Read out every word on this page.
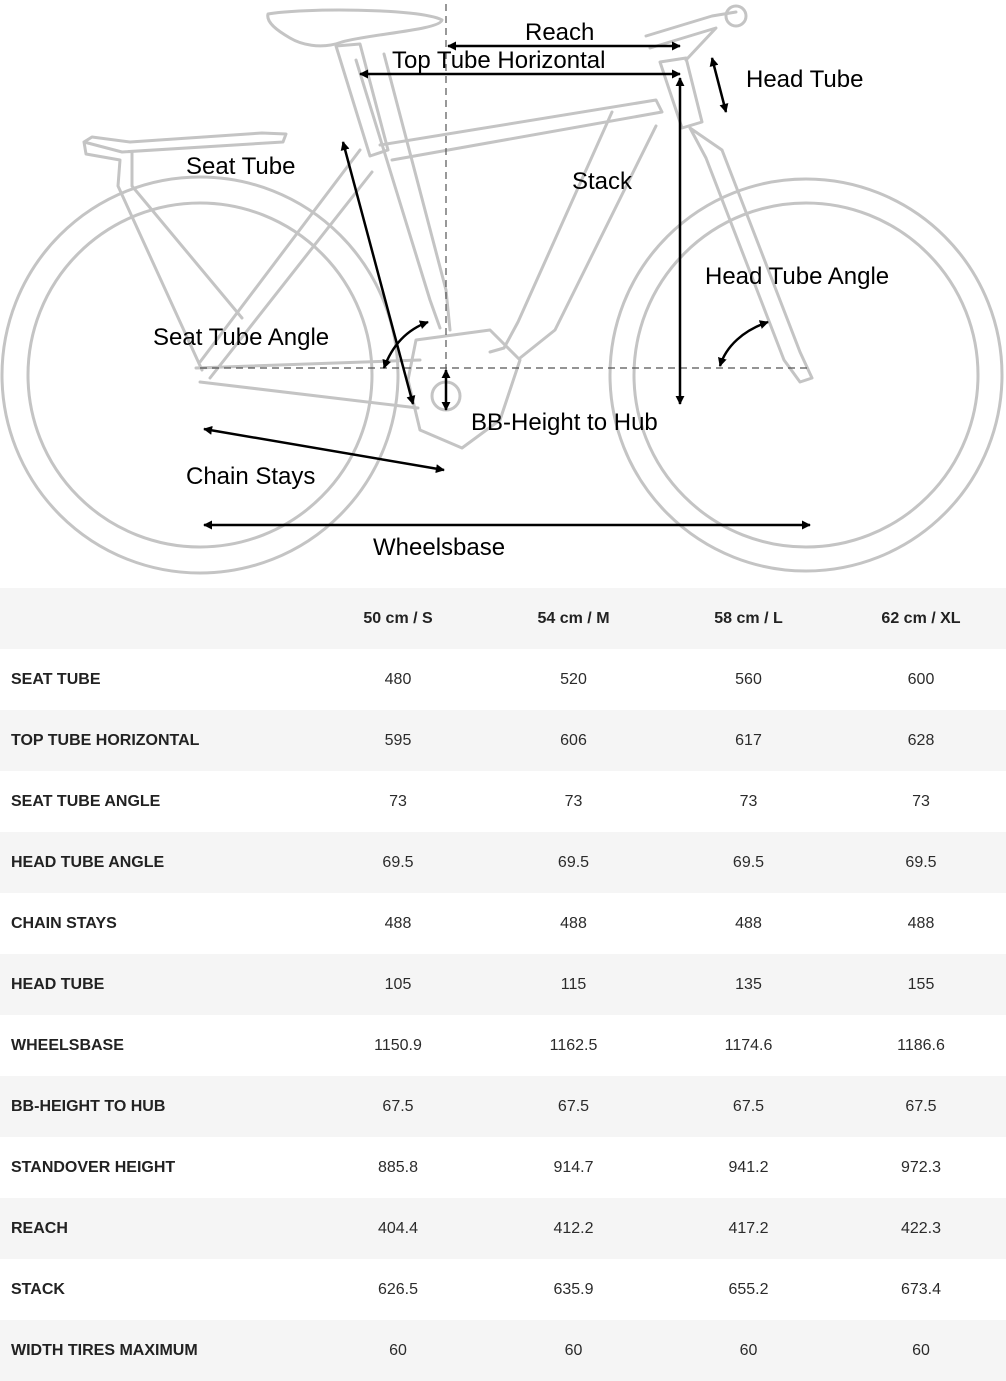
Reach
Top Tube Horizontal
Head Tube
Seat Tube
Stack
Head Tube Angle
Seat Tube Angle
BB-Height to Hub
Chain Stays
Wheelsbase
	50 cm / S	54 cm / M	58 cm / L	62 cm / XL
SEAT TUBE	480	520	560	600
TOP TUBE HORIZONTAL	595	606	617	628
SEAT TUBE ANGLE	73	73	73	73
HEAD TUBE ANGLE	69.5	69.5	69.5	69.5
CHAIN STAYS	488	488	488	488
HEAD TUBE	105	115	135	155
WHEELSBASE	1150.9	1162.5	1174.6	1186.6
BB-HEIGHT TO HUB	67.5	67.5	67.5	67.5
STANDOVER HEIGHT	885.8	914.7	941.2	972.3
REACH	404.4	412.2	417.2	422.3
STACK	626.5	635.9	655.2	673.4
WIDTH TIRES MAXIMUM	60	60	60	60
